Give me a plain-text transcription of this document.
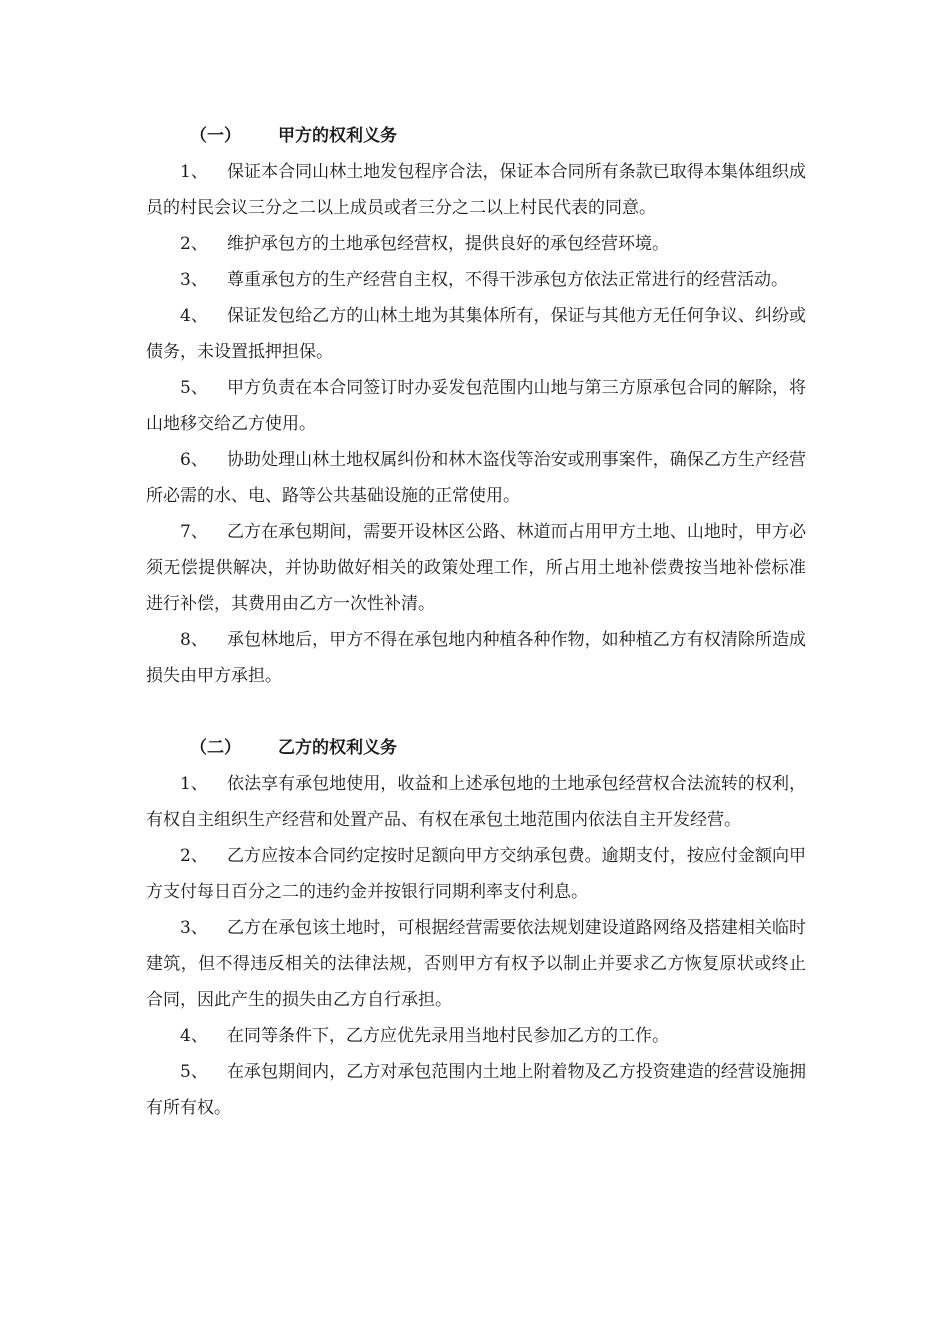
（一）	甲方的权利义务

1、 保证本合同山林土地发包程序合法，保证本合同所有条款已取得本集体组织成员的村民会议三分之二以上成员或者三分之二以上村民代表的同意。

2、 维护承包方的土地承包经营权，提供良好的承包经营环境。

3、 尊重承包方的生产经营自主权，不得干涉承包方依法正常进行的经营活动。

4、 保证发包给乙方的山林土地为其集体所有，保证与其他方无任何争议、纠纷或债务，未设置抵押担保。

5、 甲方负责在本合同签订时办妥发包范围内山地与第三方原承包合同的解除，将山地移交给乙方使用。

6、 协助处理山林土地权属纠份和林木盗伐等治安或刑事案件，确保乙方生产经营所必需的水、电、路等公共基础设施的正常使用。

7、 乙方在承包期间，需要开设林区公路、林道而占用甲方土地、山地时，甲方必须无偿提供解决，并协助做好相关的政策处理工作，所占用土地补偿费按当地补偿标准进行补偿，其费用由乙方一次性补清。

8、 承包林地后，甲方不得在承包地内种植各种作物，如种植乙方有权清除所造成损失由甲方承担。

（二）	乙方的权利义务

1、 依法享有承包地使用，收益和上述承包地的土地承包经营权合法流转的权利，有权自主组织生产经营和处置产品、有权在承包土地范围内依法自主开发经营。

2、 乙方应按本合同约定按时足额向甲方交纳承包费。逾期支付，按应付金额向甲方支付每日百分之二的违约金并按银行同期利率支付利息。

3、 乙方在承包该土地时，可根据经营需要依法规划建设道路网络及搭建相关临时建筑，但不得违反相关的法律法规，否则甲方有权予以制止并要求乙方恢复原状或终止合同，因此产生的损失由乙方自行承担。

4、 在同等条件下，乙方应优先录用当地村民参加乙方的工作。

5、 在承包期间内，乙方对承包范围内土地上附着物及乙方投资建造的经营设施拥有所有权。
